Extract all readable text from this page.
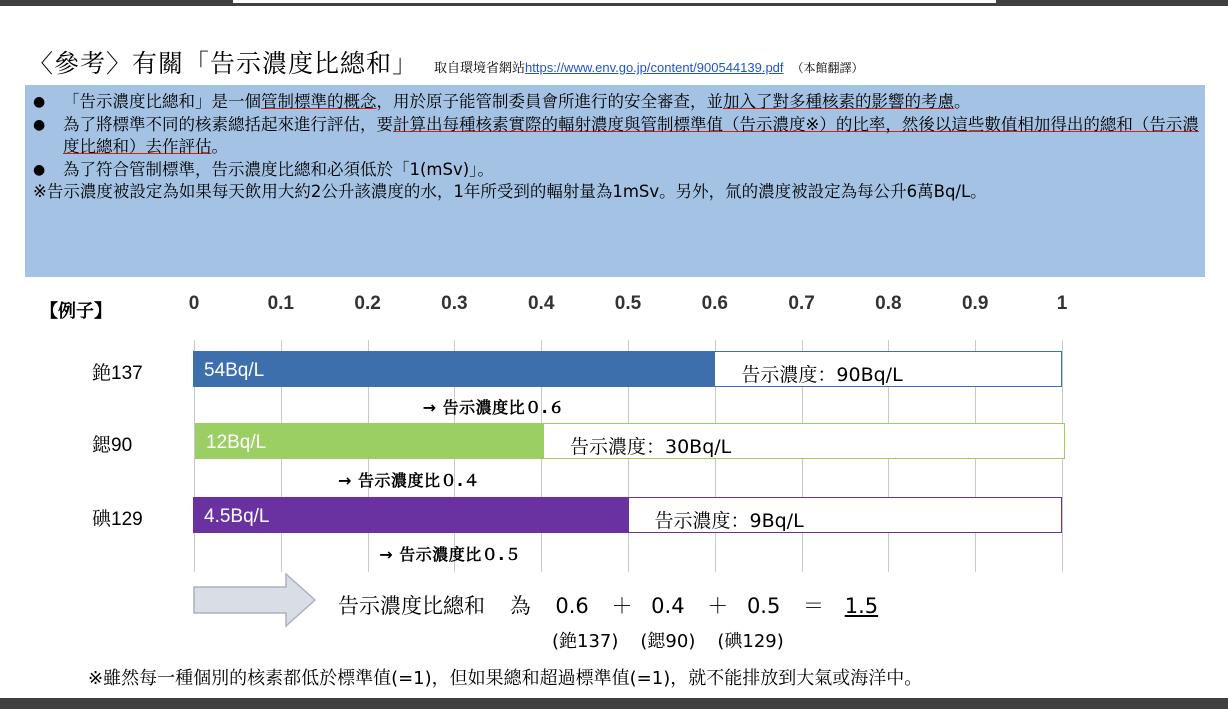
〈參考〉有關「告示濃度比總和」 取自環境省網站https://www.env.go.jp/content/900544139.pdf （本館翻譯）
●	「告示濃度比總和」是一個管制標準的概念，用於原子能管制委員會所進行的安全審查，並加入了對多種核素的影響的考慮。
●	為了將標準不同的核素總括起來進行評估，要計算出每種核素實際的輻射濃度與管制標準值（告示濃度※）的比率，然後以這些數值相加得出的總和（告示濃度比總和）去作評估。
●	為了符合管制標準，告示濃度比總和必須低於「1(mSv)」。
※告示濃度被設定為如果每天飲用大約2公升該濃度的水，1年所受到的輻射量為1mSv。另外，氚的濃度被設定為每公升6萬Bq/L。
【例子】	0	0.1	0.2	0.3	0.4	0.5	0.6	0.7	0.8	0.9	1
銫137	54Bq/L	告示濃度：90Bq/L
→ 告示濃度比０.６
鍶90	12Bq/L	告示濃度：30Bq/L
→ 告示濃度比０.４
碘129	4.5Bq/L	告示濃度：9Bq/L
→ 告示濃度比０.５
告示濃度比總和 為 0.6 ＋ 0.4 ＋ 0.5 ＝ 1.5
(銫137) (鍶90) (碘129)
※雖然每一種個別的核素都低於標準值(=1)，但如果總和超過標準值(=1)，就不能排放到大氣或海洋中。
